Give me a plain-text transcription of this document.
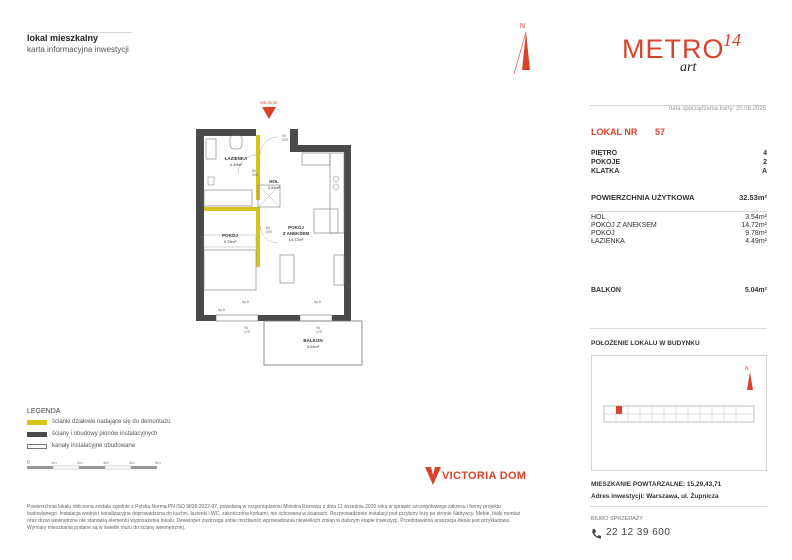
lokal mieszkalny
karta informacyjna inwestycji
N
METRO
14
art
data sporządzenia karty: 20.08.2025
LOKAL NR 57
PIĘTRO	4
POKOJE	2
KLATKA	A
POWIERZCHNIA UŻYTKOWA	32.53m²
HOL	3.54m²
POKÓJ Z ANEKSEM	14.72m²
POKÓJ	9.78m²
ŁAZIENKA	4.49m²
BALKON	5.04m²
POŁOŻENIE LOKALU W BUDYNKU
N
MIESZKANIE POWTARZALNE: 15,29,43,71
Adres inwestycji: Warszawa, ul. Żupnicza
BIURO SPRZEDAŻY
22 12 39 600
WEJŚCIE
ŁAZIENKA
4.49m²
HOL
3.54m²
POKÓJ
9.78m²
POKÓJ
Z ANEKSEM
14.72m²
BALKON
5.04m²
90
200
80
200
80
200
hp 0	hp 0
hp 0
90
179
90
179
LEGENDA
ścianki działowe nadające się do demontażu
ściany i obudowy pionów instalacyjnych
kanały instalacyjne obudowane
0	1m	2m	3m	4m	5m
VICTORIA DOM
Powierzchnia lokalu obliczona została zgodnie z Polską Normą PN ISO 9836:2022-07, powołaną w rozporządzeniu Ministra Rozwoju z dnia 11 września 2020 roku w sprawie szczegółowego zakresu i formy projektu budowlanego. Instalacja wodna i kanalizacyjna doprowadzona do kuchni, łazienki i WC, zakończona korkami, nie schowana w ścianach. Rozprowadzenie instalacji pod przybory leży po stronie Nabywcy. Meble, biały montaż oraz drzwi wewnętrzne nie stanowią elementu wyposażenia lokalu. Deweloper zastrzega sobie możliwość wprowadzania niewielkich zmian w dalszym etapie inwestycji. Przedstawiona aranżacja lokalu jest przykładowa. Wymiary mieszkania podane są w świetle muru do ściany wewnętrznej.
